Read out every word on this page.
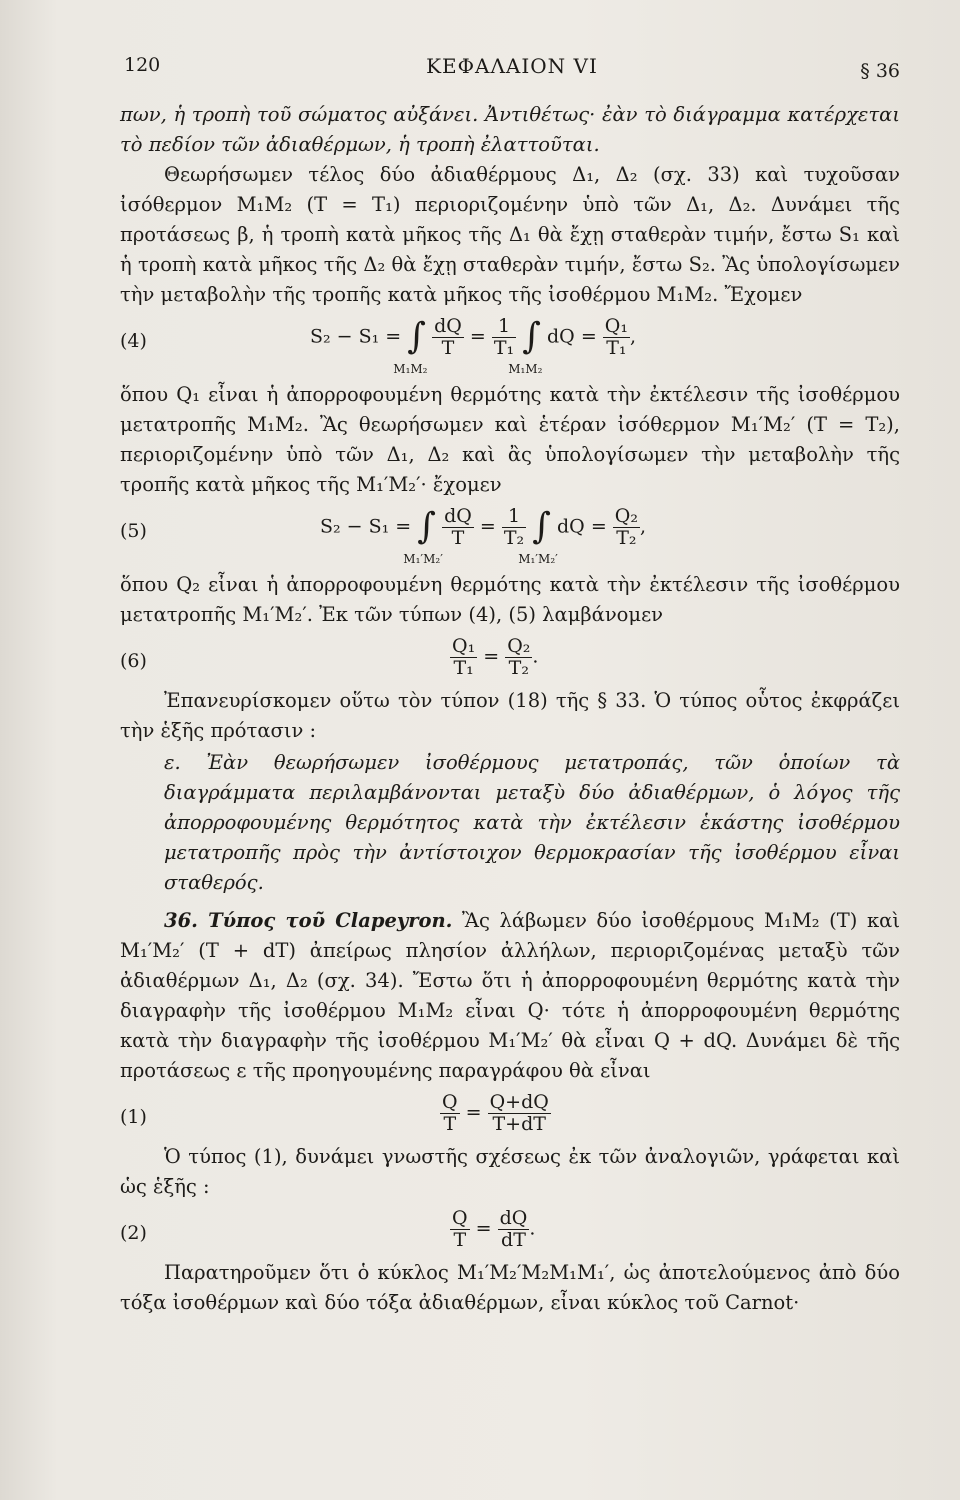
120	ΚΕΦΑΛΑΙΟΝ VI	§ 36

πων, ἡ τροπὴ τοῦ σώματος αὐξάνει. Ἀντιθέτως· ἐὰν τὸ διάγραμμα κατέρχεται τὸ πεδίον τῶν ἀδιαθέρμων, ἡ τροπὴ ἐλαττοῦται.

Θεωρήσωμεν τέλος δύο ἀδιαθέρμους Δ₁, Δ₂ (σχ. 33) καὶ τυχοῦσαν ἰσόθερμον M₁M₂ (T = T₁) περιοριζομένην ὑπὸ τῶν Δ₁, Δ₂. Δυνάμει τῆς προτάσεως β, ἡ τροπὴ κατὰ μῆκος τῆς Δ₁ θὰ ἔχῃ σταθερὰν τιμήν, ἔστω S₁ καὶ ἡ τροπὴ κατὰ μῆκος τῆς Δ₂ θὰ ἔχῃ σταθερὰν τιμήν, ἔστω S₂. Ἂς ὑπολογίσωμεν τὴν μεταβολὴν τῆς τροπῆς κατὰ μῆκος τῆς ἰσοθέρμου M₁M₂. Ἔχομεν

(4)	S₂ − S₁ = ∫
M₁M₂

$\frac{dQ}{T} = \frac{1}{\text{T₁}}$ ∫
M₁M₂
dQ = $\frac{\text{Q₁}}{\text{T₁}}$ ,

ὅπου Q₁ εἶναι ἡ ἀπορροφουμένη θερμότης κατὰ τὴν ἐκτέλεσιν τῆς ἰσοθέρμου μετατροπῆς M₁M₂. Ἂς θεωρήσωμεν καὶ ἑτέραν ἰσόθερμον M₁′M₂′ (T = T₂), περιοριζομένην ὑπὸ τῶν Δ₁, Δ₂ καὶ ἂς ὑπολογίσωμεν τὴν μεταβολὴν τῆς τροπῆς κατὰ μῆκος τῆς M₁′M₂′· ἔχομεν

(5)	S₂ − S₁ = ∫
M₁′M₂′

$\frac{dQ}{T} = \frac{1}{\text{T₂}}$ ∫
M₁′M₂′
dQ = $\frac{\text{Q₂}}{\text{T₂}}$ ,

ὅπου Q₂ εἶναι ἡ ἀπορροφουμένη θερμότης κατὰ τὴν ἐκτέλεσιν τῆς ἰσοθέρμου μετατροπῆς M₁′M₂′. Ἐκ τῶν τύπων (4), (5) λαμβάνομεν

(6)	$\frac{\text{Q₁}}{\text{T₁}} = \frac{\text{Q₂}}{\text{T₂}}$ .

Ἐπανευρίσκομεν οὕτω τὸν τύπον (18) τῆς § 33. Ὁ τύπος οὗτος ἐκφράζει τὴν ἑξῆς πρότασιν :

ε. Ἐὰν θεωρήσωμεν ἰσοθέρμους μετατροπάς, τῶν ὁποίων τὰ διαγράμματα περιλαμβάνονται μεταξὺ δύο ἀδιαθέρμων, ὁ λόγος τῆς ἀπορροφουμένης θερμότητος κατὰ τὴν ἐκτέλεσιν ἑκάστης ἰσοθέρμου μετατροπῆς πρὸς τὴν ἀντίστοιχον θερμοκρασίαν τῆς ἰσοθέρμου εἶναι σταθερός.

36. Τύπος τοῦ Clapeyron. Ἂς λάβωμεν δύο ἰσοθέρμους M₁M₂ (T) καὶ M₁′M₂′ (T + dT) ἀπείρως πλησίον ἀλλήλων, περιοριζομένας μεταξὺ τῶν ἀδιαθέρμων Δ₁, Δ₂ (σχ. 34). Ἔστω ὅτι ἡ ἀπορροφουμένη θερμότης κατὰ τὴν διαγραφὴν τῆς ἰσοθέρμου M₁M₂ εἶναι Q· τότε ἡ ἀπορροφουμένη θερμότης κατὰ τὴν διαγραφὴν τῆς ἰσοθέρμου M₁′M₂′ θὰ εἶναι Q + dQ. Δυνάμει δὲ τῆς προτάσεως ε τῆς προηγουμένης παραγράφου θὰ εἶναι

(1)	$\frac{Q}{T} = \frac{Q+dQ}{T+dT}$

Ὁ τύπος (1), δυνάμει γνωστῆς σχέσεως ἐκ τῶν ἀναλογιῶν, γράφεται καὶ ὡς ἑξῆς :

(2)	$\frac{Q}{T} = \frac{dQ}{dT}$ .

Παρατηροῦμεν ὅτι ὁ κύκλος M₁′M₂′M₂M₁M₁′, ὡς ἀποτελούμενος ἀπὸ δύο τόξα ἰσοθέρμων καὶ δύο τόξα ἀδιαθέρμων, εἶναι κύκλος τοῦ Carnot·
